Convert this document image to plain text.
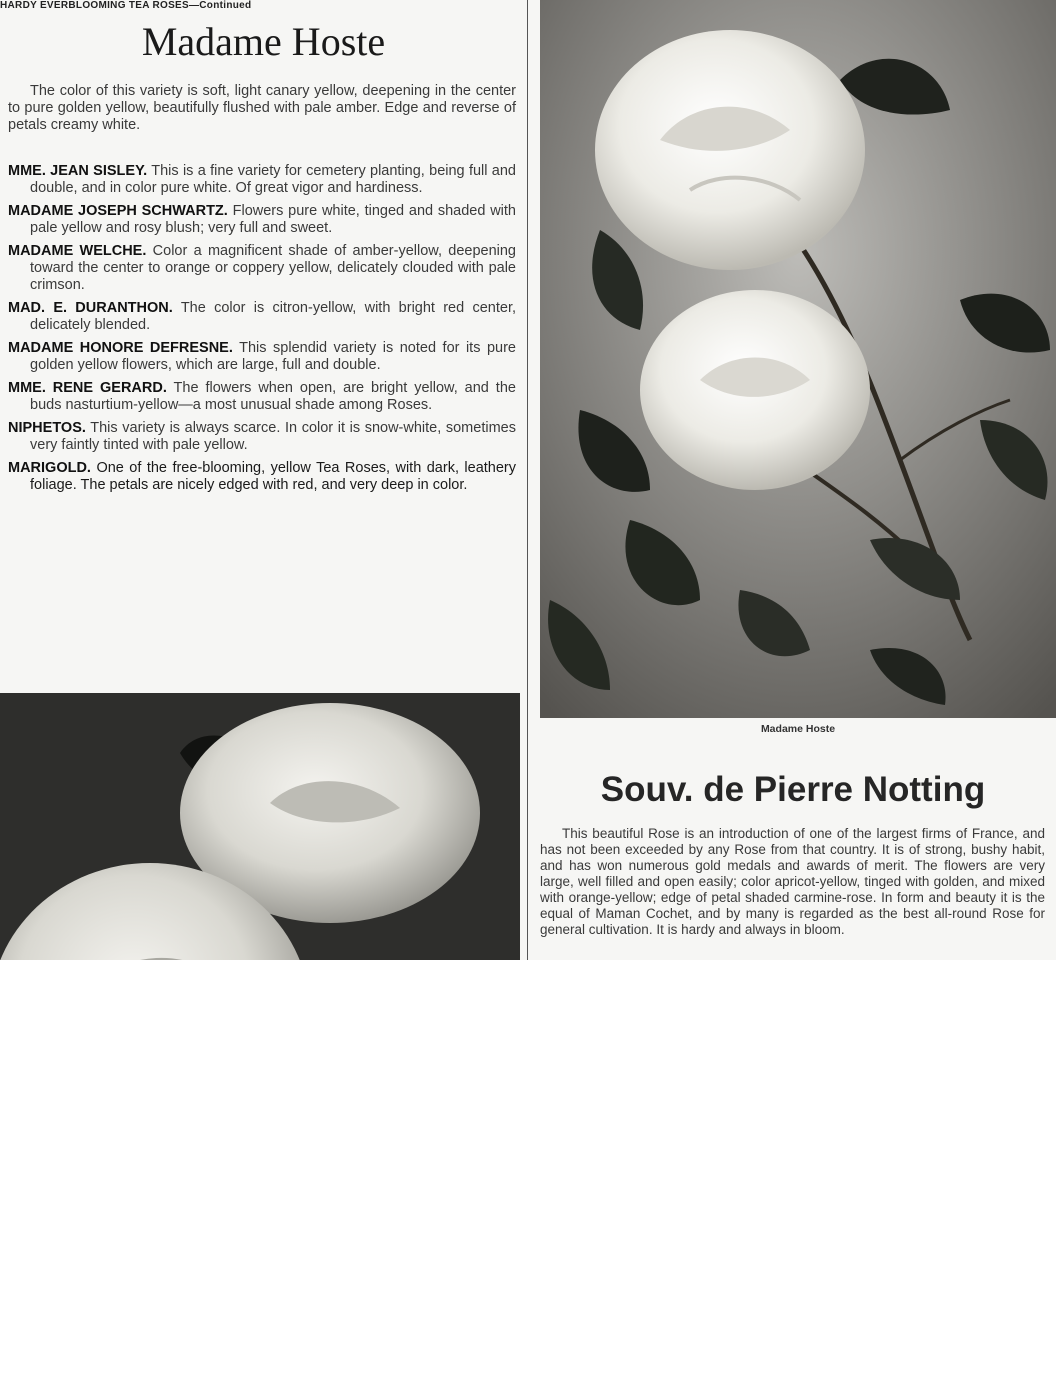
HARDY EVERBLOOMING TEA ROSES—Continued
Madame Hoste

The color of this variety is soft, light canary yellow, deepening in the center to pure golden yellow, beautifully flushed with pale amber. Edge and reverse of petals creamy white.

MME. JEAN SISLEY. This is a fine variety for cemetery planting, being full and double, and in color pure white. Of great vigor and hardiness.

MADAME JOSEPH SCHWARTZ. Flowers pure white, tinged and shaded with pale yellow and rosy blush; very full and sweet.

MADAME WELCHE. Color a magnificent shade of amber-yellow, deepening toward the center to orange or coppery yellow, delicately clouded with pale crimson.

MAD. E. DURANTHON. The color is citron-yellow, with bright red center, delicately blended.

MADAME HONORE DEFRESNE. This splendid variety is noted for its pure golden yellow flowers, which are large, full and double.

MME. RENE GERARD. The flowers when open, are bright yellow, and the buds nasturtium-yellow—a most unusual shade among Roses.

NIPHETOS. This variety is always scarce. In color it is snow-white, sometimes very faintly tinted with pale yellow.

MARIGOLD. One of the free-blooming, yellow Tea Roses, with dark, leathery foliage. The petals are nicely edged with red, and very deep in color.

Madame Hoste
Souv. de Pierre Notting

This beautiful Rose is an introduction of one of the largest firms of France, and has not been exceeded by any Rose from that country. It is of strong, bushy habit, and has won numerous gold medals and awards of merit. The flowers are very large, well filled and open easily; color apricot-yellow, tinged with golden, and mixed with orange-yellow; edge of petal shaded carmine-rose. In form and beauty it is the equal of Maman Cochet, and by many is regarded as the best all-round Rose for general cultivation. It is hardy and always in bloom.
